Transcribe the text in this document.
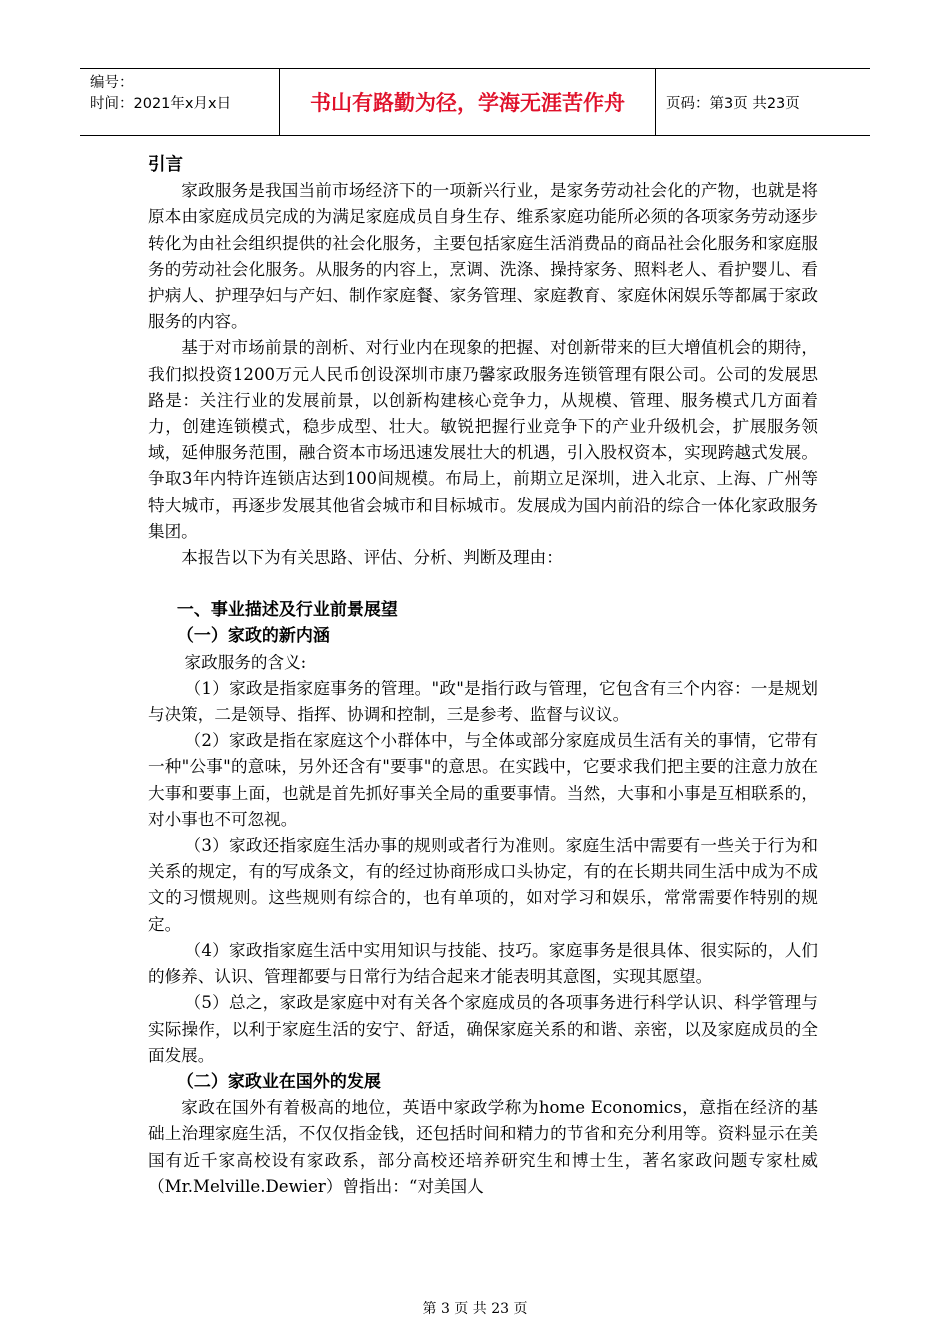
编号：
时间：2021年x月x日	书山有路勤为径，学海无涯苦作舟	页码：第3页 共23页

引言

家政服务是我国当前市场经济下的一项新兴行业，是家务劳动社会化的产物，也就是将原本由家庭成员完成的为满足家庭成员自身生存、维系家庭功能所必须的各项家务劳动逐步转化为由社会组织提供的社会化服务，主要包括家庭生活消费品的商品社会化服务和家庭服务的劳动社会化服务。从服务的内容上，烹调、洗涤、操持家务、照料老人、看护婴儿、看护病人、护理孕妇与产妇、制作家庭餐、家务管理、家庭教育、家庭休闲娱乐等都属于家政服务的内容。

基于对市场前景的剖析、对行业内在现象的把握、对创新带来的巨大增值机会的期待，我们拟投资1200万元人民币创设深圳市康乃馨家政服务连锁管理有限公司。公司的发展思路是：关注行业的发展前景，以创新构建核心竞争力，从规模、管理、服务模式几方面着力，创建连锁模式，稳步成型、壮大。敏锐把握行业竞争下的产业升级机会，扩展服务领域，延伸服务范围，融合资本市场迅速发展壮大的机遇，引入股权资本，实现跨越式发展。争取3年内特许连锁店达到100间规模。布局上，前期立足深圳，进入北京、上海、广州等特大城市，再逐步发展其他省会城市和目标城市。发展成为国内前沿的综合一体化家政服务集团。

本报告以下为有关思路、评估、分析、判断及理由：

一、事业描述及行业前景展望

（一）家政的新内涵

家政服务的含义:

（1）家政是指家庭事务的管理。"政"是指行政与管理，它包含有三个内容：一是规划与决策，二是领导、指挥、协调和控制，三是参考、监督与议议。

（2）家政是指在家庭这个小群体中，与全体或部分家庭成员生活有关的事情，它带有一种"公事"的意味，另外还含有"要事"的意思。在实践中，它要求我们把主要的注意力放在大事和要事上面，也就是首先抓好事关全局的重要事情。当然，大事和小事是互相联系的，对小事也不可忽视。

（3）家政还指家庭生活办事的规则或者行为准则。家庭生活中需要有一些关于行为和关系的规定，有的写成条文，有的经过协商形成口头协定，有的在长期共同生活中成为不成文的习惯规则。这些规则有综合的，也有单项的，如对学习和娱乐，常常需要作特别的规定。

（4）家政指家庭生活中实用知识与技能、技巧。家庭事务是很具体、很实际的，人们的修养、认识、管理都要与日常行为结合起来才能表明其意图，实现其愿望。

（5）总之，家政是家庭中对有关各个家庭成员的各项事务进行科学认识、科学管理与实际操作，以利于家庭生活的安宁、舒适，确保家庭关系的和谐、亲密，以及家庭成员的全面发展。

（二）家政业在国外的发展

家政在国外有着极高的地位，英语中家政学称为home Economics，意指在经济的基础上治理家庭生活，不仅仅指金钱，还包括时间和精力的节省和充分利用等。资料显示在美国有近千家高校设有家政系，部分高校还培养研究生和博士生，著名家政问题专家杜威（Mr.Melville.Dewier）曾指出：“对美国人

第 3 页 共 23 页
